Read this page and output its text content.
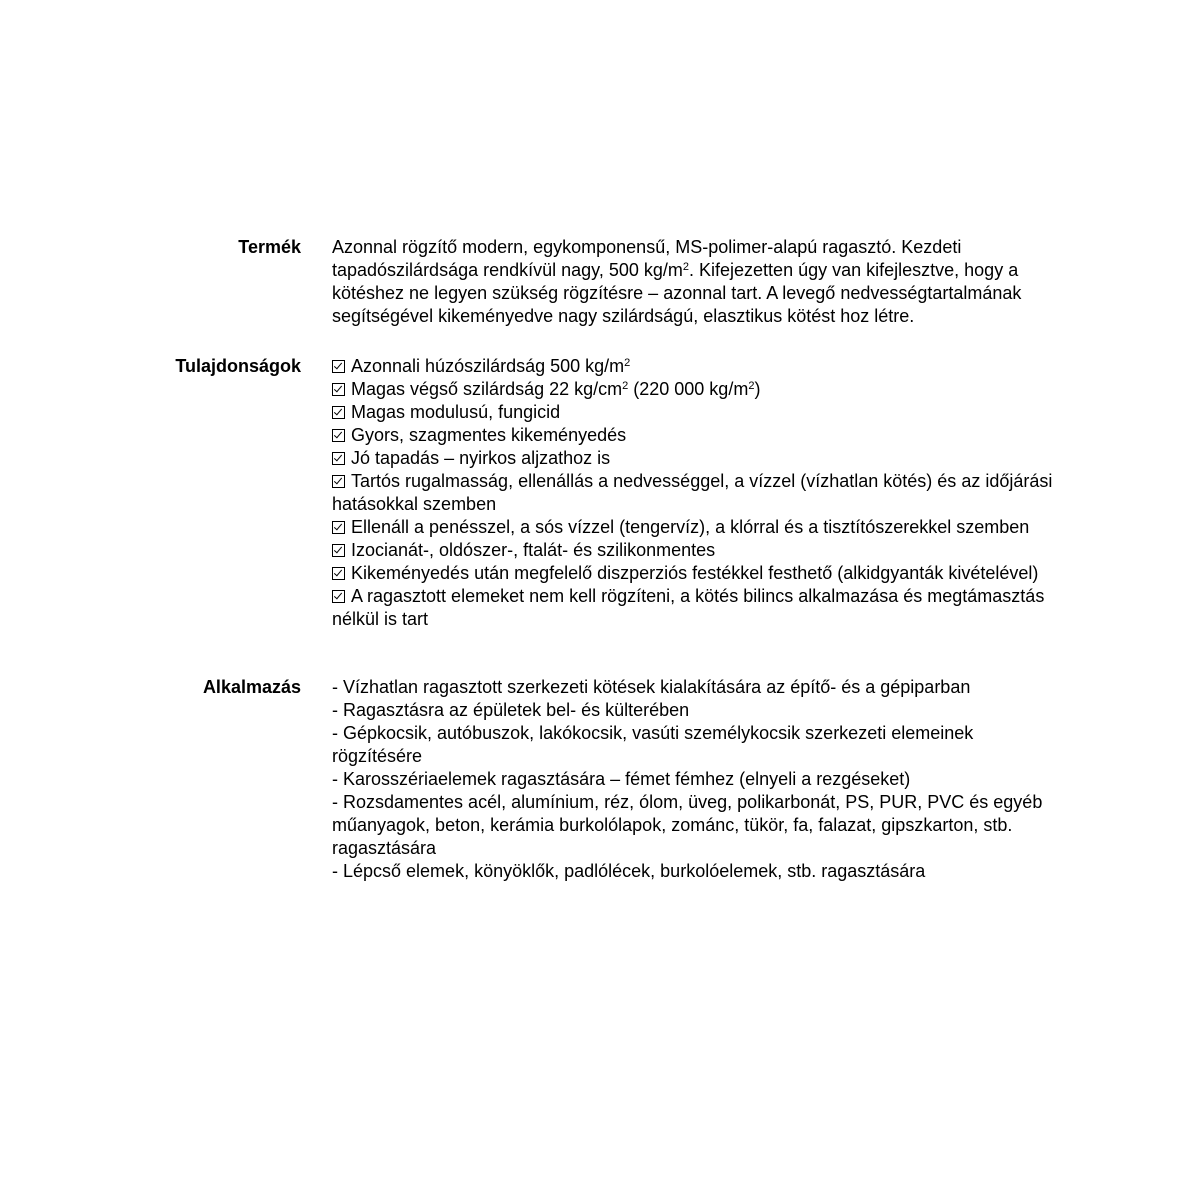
Termék Azonnal rögzítő modern, egykomponensű, MS-polimer-alapú ragasztó. Kezdeti tapadószilárdsága rendkívül nagy, 500 $kg/m^2$. Kifejezetten úgy van kifejlesztve, hogy a kötéshez ne legyen szükség rögzítésre – azonnal tart. A levegő nedvességtartalmának segítségével kikeményedve nagy szilárdságú, elasztikus kötést hoz létre.
Tulajdonságok	Azonnali húzószilárdság 500 $kg/m^2$
Magas végső szilárdság 22 $kg/cm^2$ (220 000 $kg/m^2$)
Magas modulusú, fungicid
Gyors, szagmentes kikeményedés
Jó tapadás – nyirkos aljzathoz is
Tartós rugalmasság, ellenállás a nedvességgel, a vízzel (vízhatlan kötés) és az időjárási hatásokkal szemben
Ellenáll a penésszel, a sós vízzel (tengervíz), a klórral és a tisztítószerekkel szemben
Izocianát-, oldószer-, ftalát- és szilikonmentes
Kikeményedés után megfelelő diszperziós festékkel festhető (alkidgyanták kivételével)
A ragasztott elemeket nem kell rögzíteni, a kötés bilincs alkalmazása és megtámasztás nélkül is tart
Alkalmazás - Vízhatlan ragasztott szerkezeti kötések kialakítására az építő- és a gépiparban
- Ragasztásra az épületek bel- és külterében
- Gépkocsik, autóbuszok, lakókocsik, vasúti személykocsik szerkezeti elemeinek rögzítésére
- Karosszériaelemek ragasztására – fémet fémhez (elnyeli a rezgéseket)
- Rozsdamentes acél, alumínium, réz, ólom, üveg, polikarbonát, PS, PUR, PVC és egyéb műanyagok, beton, kerámia burkolólapok, zománc, tükör, fa, falazat, gipszkarton, stb. ragasztására
- Lépcső elemek, könyöklők, padlólécek, burkolóelemek, stb. ragasztására
